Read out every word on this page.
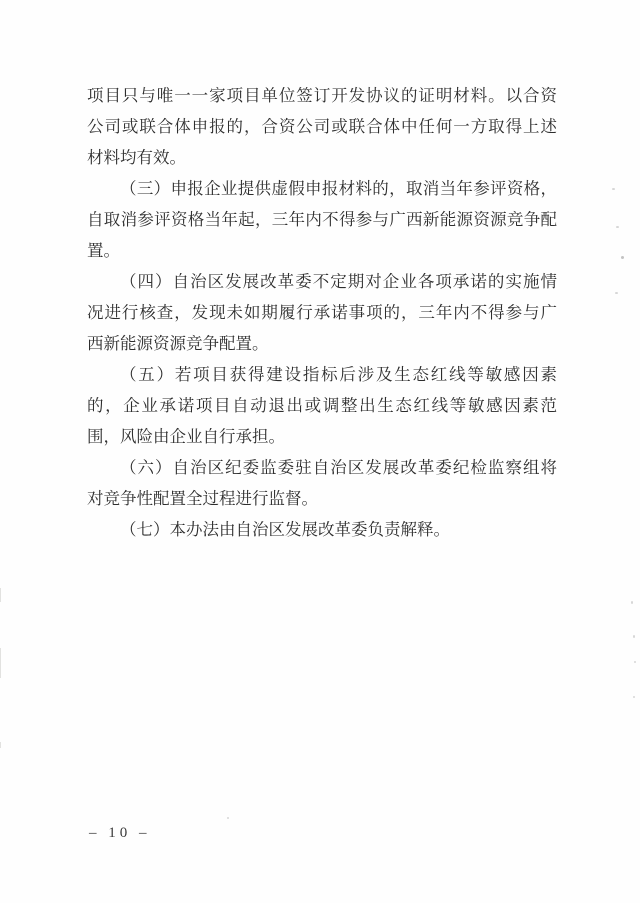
项目只与唯一一家项目单位签订开发协议的证明材料。以合资
公司或联合体申报的，合资公司或联合体中任何一方取得上述
材料均有效。
（三）申报企业提供虚假申报材料的，取消当年参评资格，
自取消参评资格当年起，三年内不得参与广西新能源资源竞争配
置。
（四）自治区发展改革委不定期对企业各项承诺的实施情
况进行核查，发现未如期履行承诺事项的，三年内不得参与广
西新能源资源竞争配置。
（五）若项目获得建设指标后涉及生态红线等敏感因素
的，企业承诺项目自动退出或调整出生态红线等敏感因素范
围，风险由企业自行承担。
（六）自治区纪委监委驻自治区发展改革委纪检监察组将
对竞争性配置全过程进行监督。
（七）本办法由自治区发展改革委负责解释。
– 10 –
